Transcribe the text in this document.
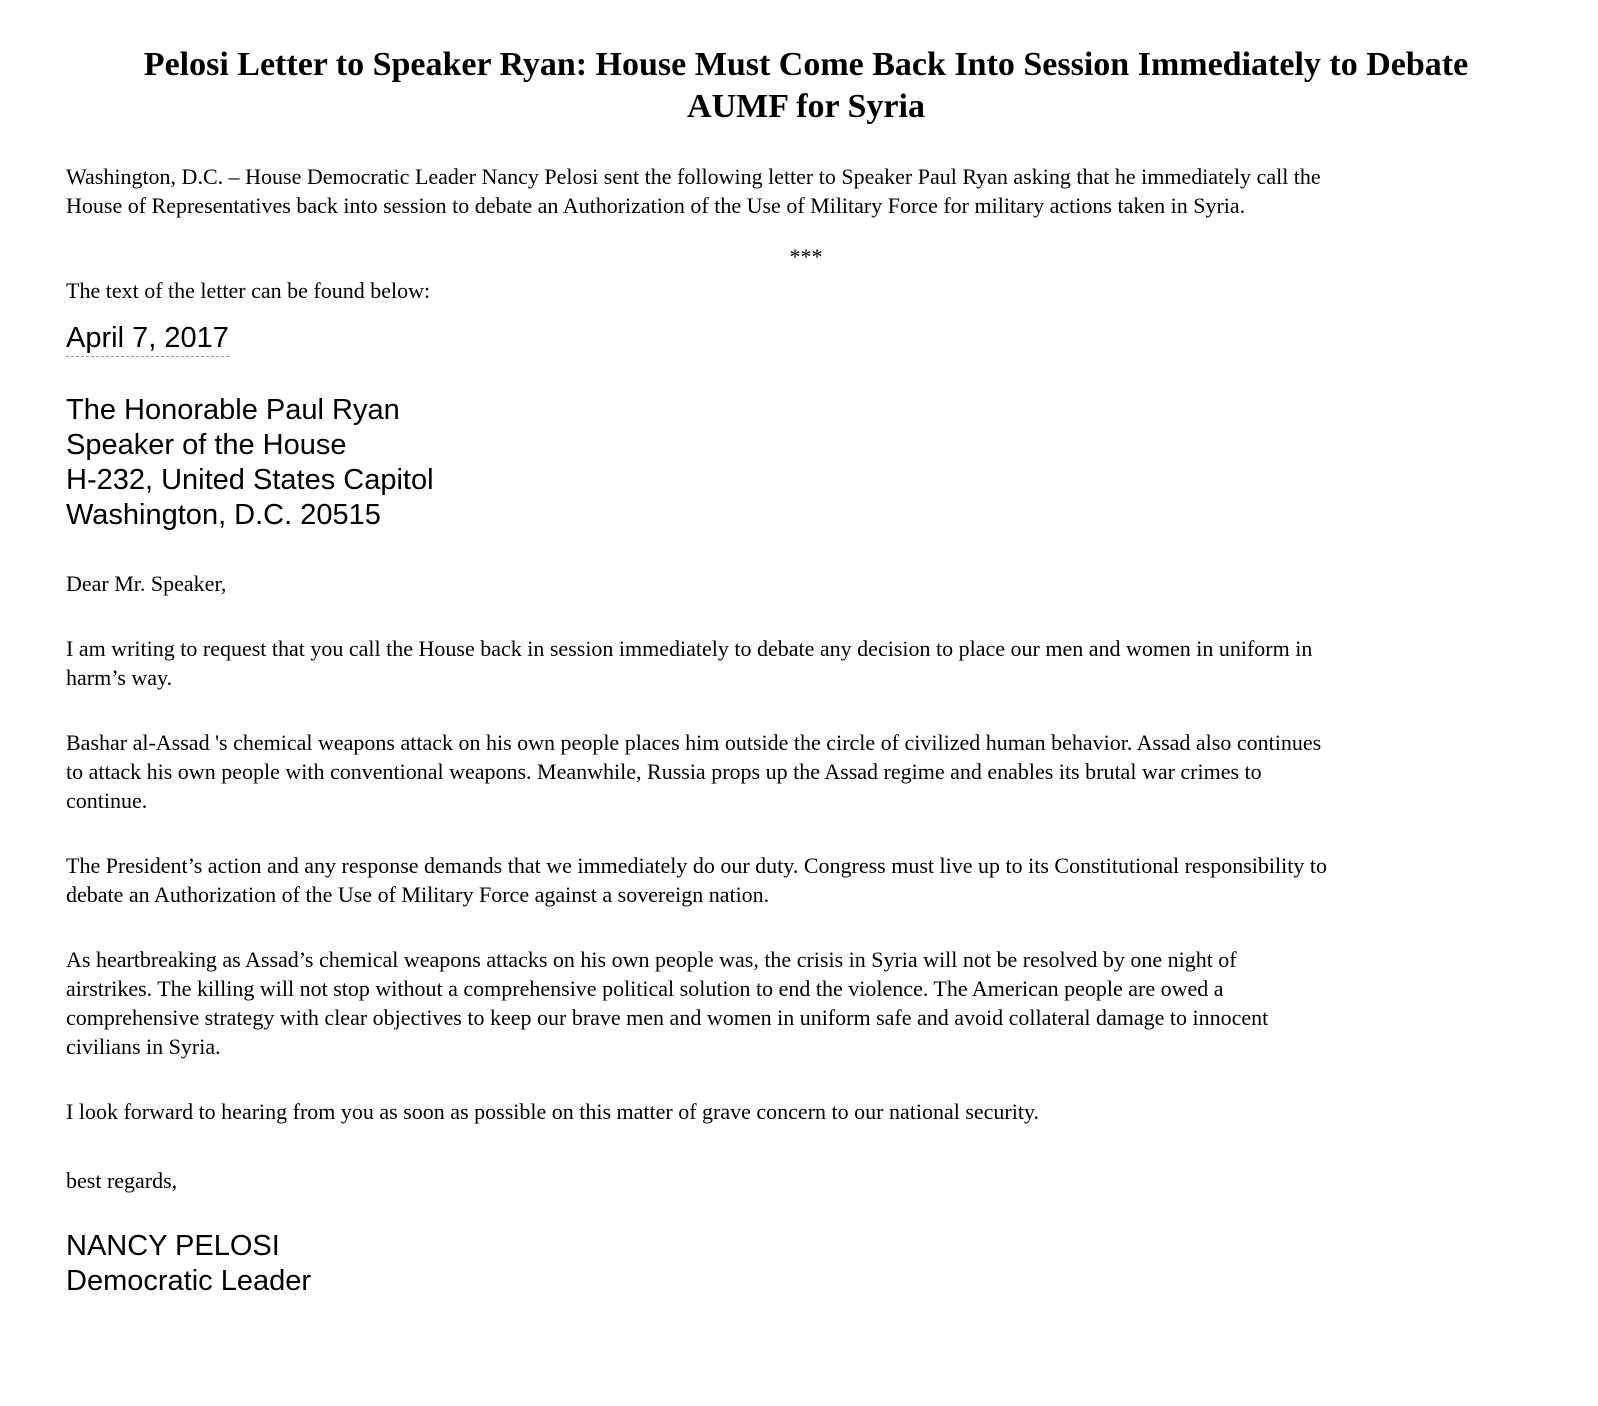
Pelosi Letter to Speaker Ryan: House Must Come Back Into Session Immediately to Debate
AUMF for Syria
Washington, D.C. – House Democratic Leader Nancy Pelosi sent the following letter to Speaker Paul Ryan asking that he immediately call the
House of Representatives back into session to debate an Authorization of the Use of Military Force for military actions taken in Syria.
***
The text of the letter can be found below:
April 7, 2017
The Honorable Paul Ryan
Speaker of the House
H-232, United States Capitol
Washington, D.C. 20515
Dear Mr. Speaker,
I am writing to request that you call the House back in session immediately to debate any decision to place our men and women in uniform in
harm’s way.
Bashar al-Assad 's chemical weapons attack on his own people places him outside the circle of civilized human behavior. Assad also continues
to attack his own people with conventional weapons. Meanwhile, Russia props up the Assad regime and enables its brutal war crimes to
continue.
The President’s action and any response demands that we immediately do our duty. Congress must live up to its Constitutional responsibility to
debate an Authorization of the Use of Military Force against a sovereign nation.
As heartbreaking as Assad’s chemical weapons attacks on his own people was, the crisis in Syria will not be resolved by one night of
airstrikes. The killing will not stop without a comprehensive political solution to end the violence. The American people are owed a
comprehensive strategy with clear objectives to keep our brave men and women in uniform safe and avoid collateral damage to innocent
civilians in Syria.
I look forward to hearing from you as soon as possible on this matter of grave concern to our national security.
best regards,
NANCY PELOSI
Democratic Leader
